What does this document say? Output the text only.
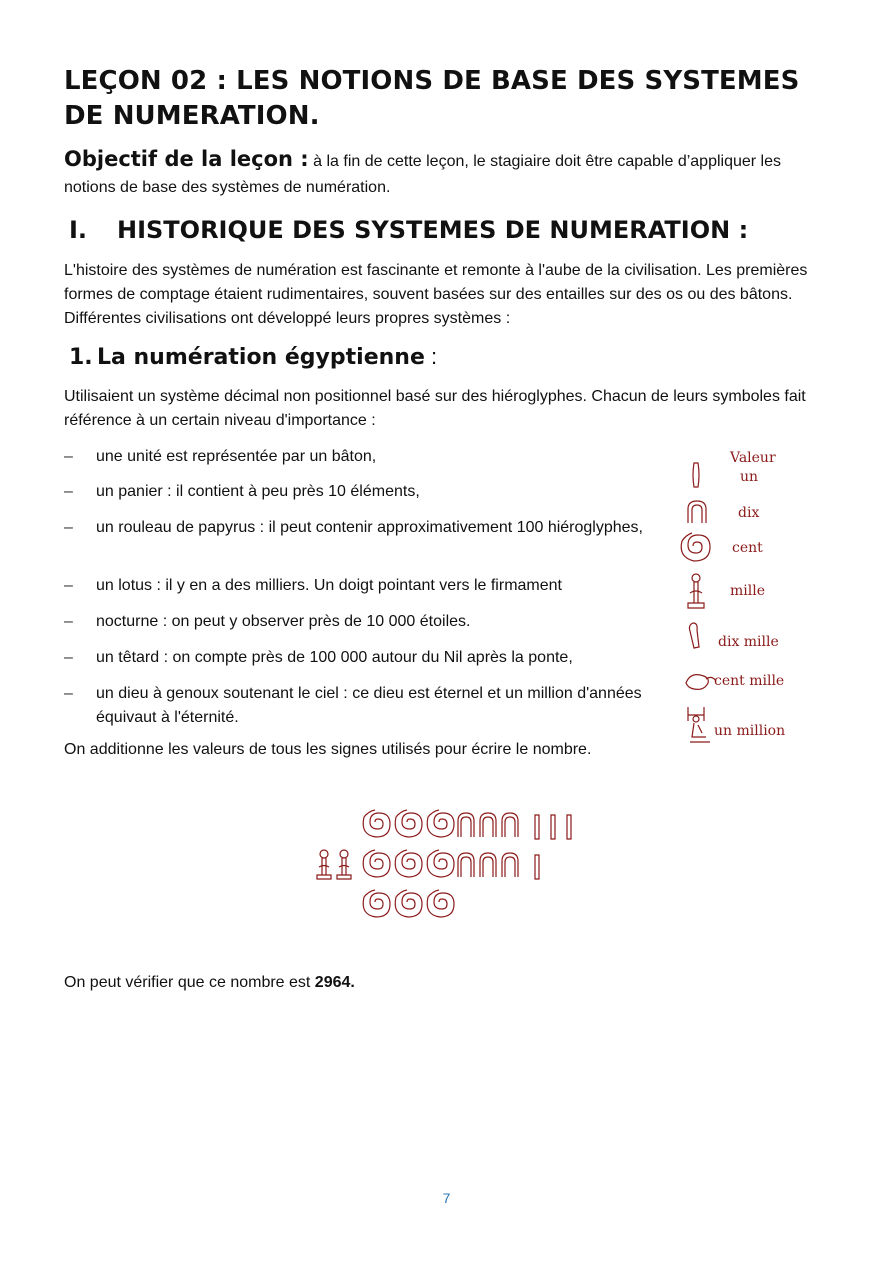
LEÇON 02 : LES NOTIONS DE BASE DES SYSTEMES DE NUMERATION.

Objectif de la leçon : à la fin de cette leçon, le stagiaire doit être capable d’appliquer les notions de base des systèmes de numération.

I. HISTORIQUE DES SYSTEMES DE NUMERATION :

L'histoire des systèmes de numération est fascinante et remonte à l'aube de la civilisation. Les premières formes de comptage étaient rudimentaires, souvent basées sur des entailles sur des os ou des bâtons. Différentes civilisations ont développé leurs propres systèmes :

1. La numération égyptienne :

Utilisaient un système décimal non positionnel basé sur des hiéroglyphes. Chacun de leurs symboles fait référence à un certain niveau d'importance :

–	une unité est représentée par un bâton,
–	un panier : il contient à peu près 10 éléments,
–	un rouleau de papyrus : il peut contenir approximativement 100 hiéroglyphes,
–	un lotus : il y en a des milliers. Un doigt pointant vers le firmament
–	nocturne : on peut y observer près de 10 000 étoiles.
–	un têtard : on compte près de 100 000 autour du Nil après la ponte,
–	un dieu à genoux soutenant le ciel : ce dieu est éternel et un million d'années équivaut à l'éternité.

On additionne les valeurs de tous les signes utilisés pour écrire le nombre.

On peut vérifier que ce nombre est 2964.

Valeur
un
dix
cent
mille
dix mille
cent mille
un million
7
